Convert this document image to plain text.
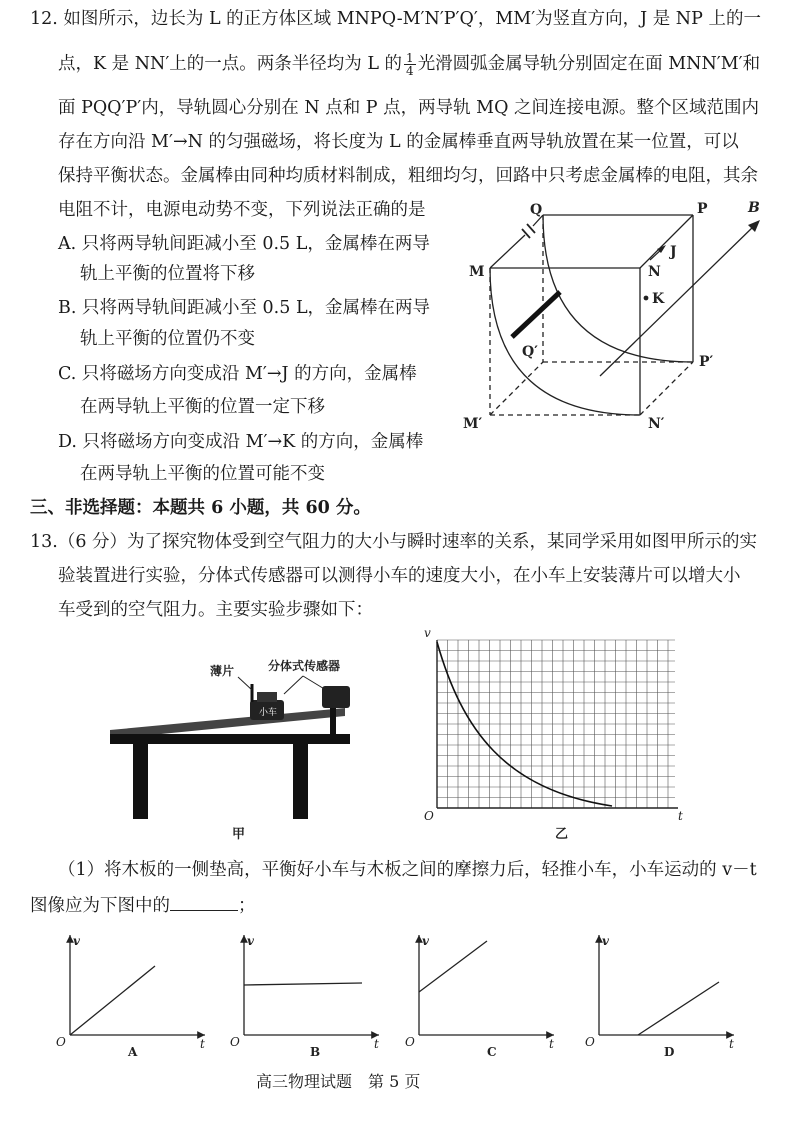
12. 如图所示，边长为 L 的正方体区域 MNPQ-M′N′P′Q′，MM′为竖直方向，J 是 NP 上的一
点，K 是 NN′上的一点。两条半径均为 L 的 $\frac{1}{4}$ 光滑圆弧金属导轨分别固定在面 MNN′M′和
面 PQQ′P′内，导轨圆心分别在 N 点和 P 点，两导轨 MQ 之间连接电源。整个区域范围内
存在方向沿 M′→N 的匀强磁场，将长度为 L 的金属棒垂直两导轨放置在某一位置，可以
保持平衡状态。金属棒由同种均质材料制成，粗细均匀，回路中只考虑金属棒的电阻，其余
电阻不计，电源电动势不变，下列说法正确的是
A. 只将两导轨间距减小至 0.5 L，金属棒在两导
轨上平衡的位置将下移
B. 只将两导轨间距减小至 0.5 L，金属棒在两导
轨上平衡的位置仍不变
C. 只将磁场方向变成沿 M′→J 的方向，金属棒
在两导轨上平衡的位置一定下移
D. 只将磁场方向变成沿 M′→K 的方向，金属棒
在两导轨上平衡的位置可能不变
Q	P	B
J
M	N
K
Q′
P′
M′	N′
三、非选择题：本题共 6 小题，共 60 分。
13.（6 分）为了探究物体受到空气阻力的大小与瞬时速率的关系，某同学采用如图甲所示的实
验装置进行实验，分体式传感器可以测得小车的速度大小，在小车上安装薄片可以增大小
车受到的空气阻力。主要实验步骤如下：
小车
薄片	分体式传感器
甲
v
O	t
乙
（1）将木板的一侧垫高，平衡好小车与木板之间的摩擦力后，轻推小车，小车运动的 v－t
图像应为下图中的	；
v
O	t
A
v
O	t
B
v
O	t
C
v
O	t
D
高三物理试题　第 5 页
